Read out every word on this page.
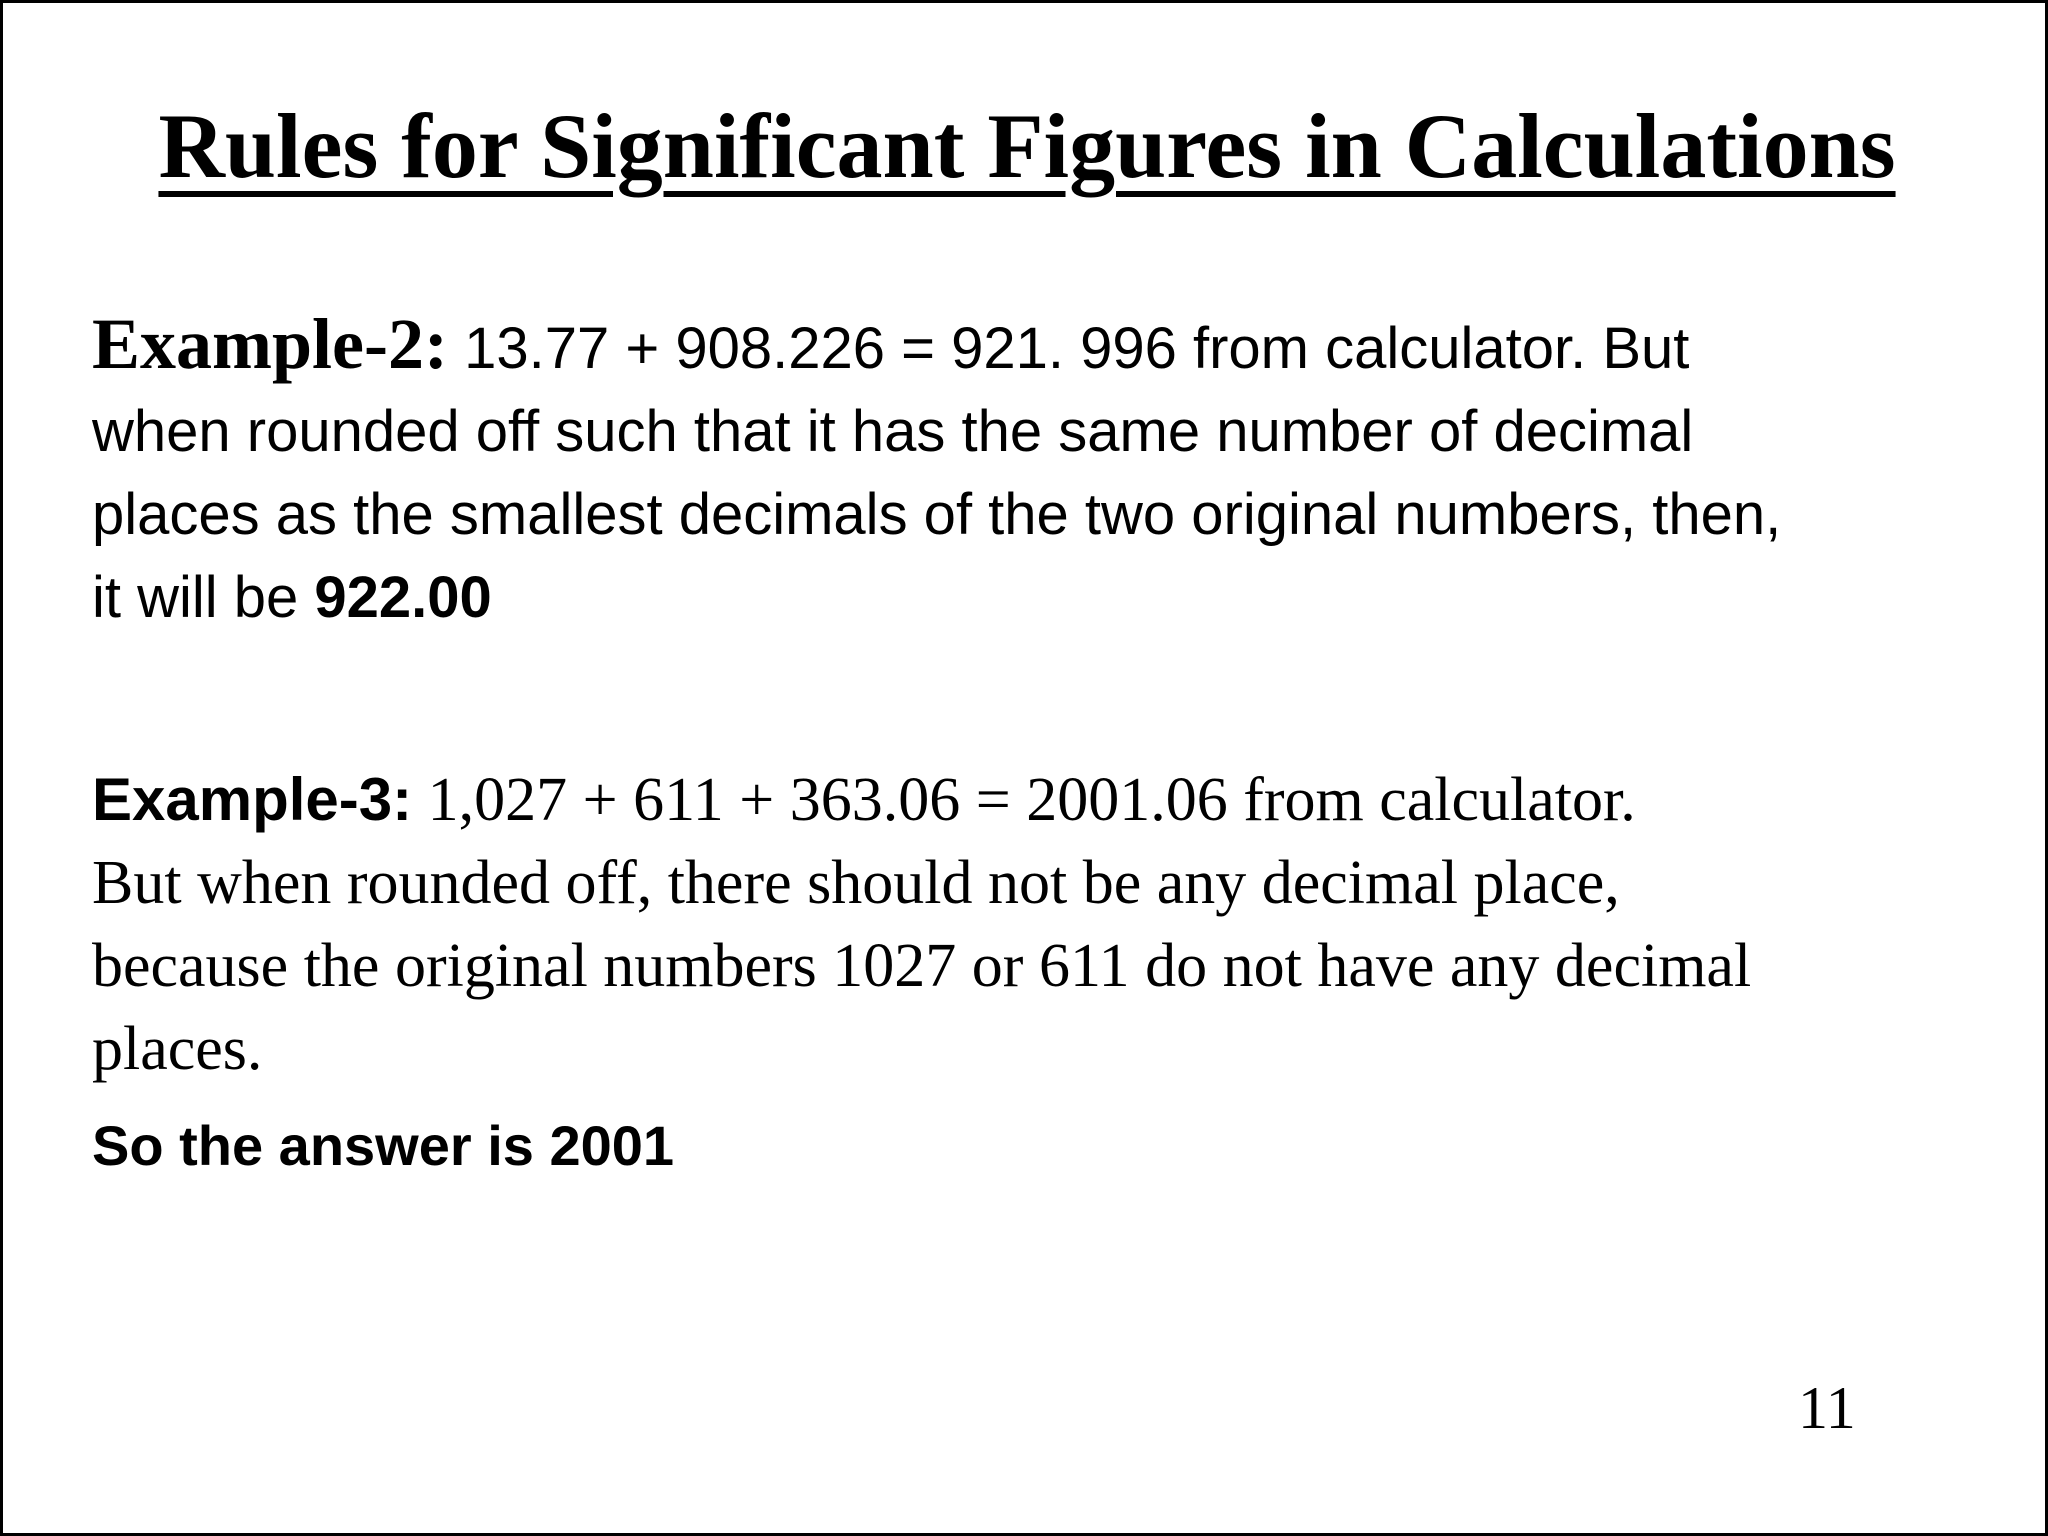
Rules for Significant Figures in Calculations
Example-2: 13.77 + 908.226 = 921. 996 from calculator. But
when rounded off such that it has the same number of decimal
places as the smallest decimals of the two original numbers, then,
it will be 922.00
Example-3: 1,027 + 611 + 363.06 = 2001.06 from calculator.
But when rounded off, there should not be any decimal place,
because the original numbers 1027 or 611 do not have any decimal
places.
So the answer is 2001
11
